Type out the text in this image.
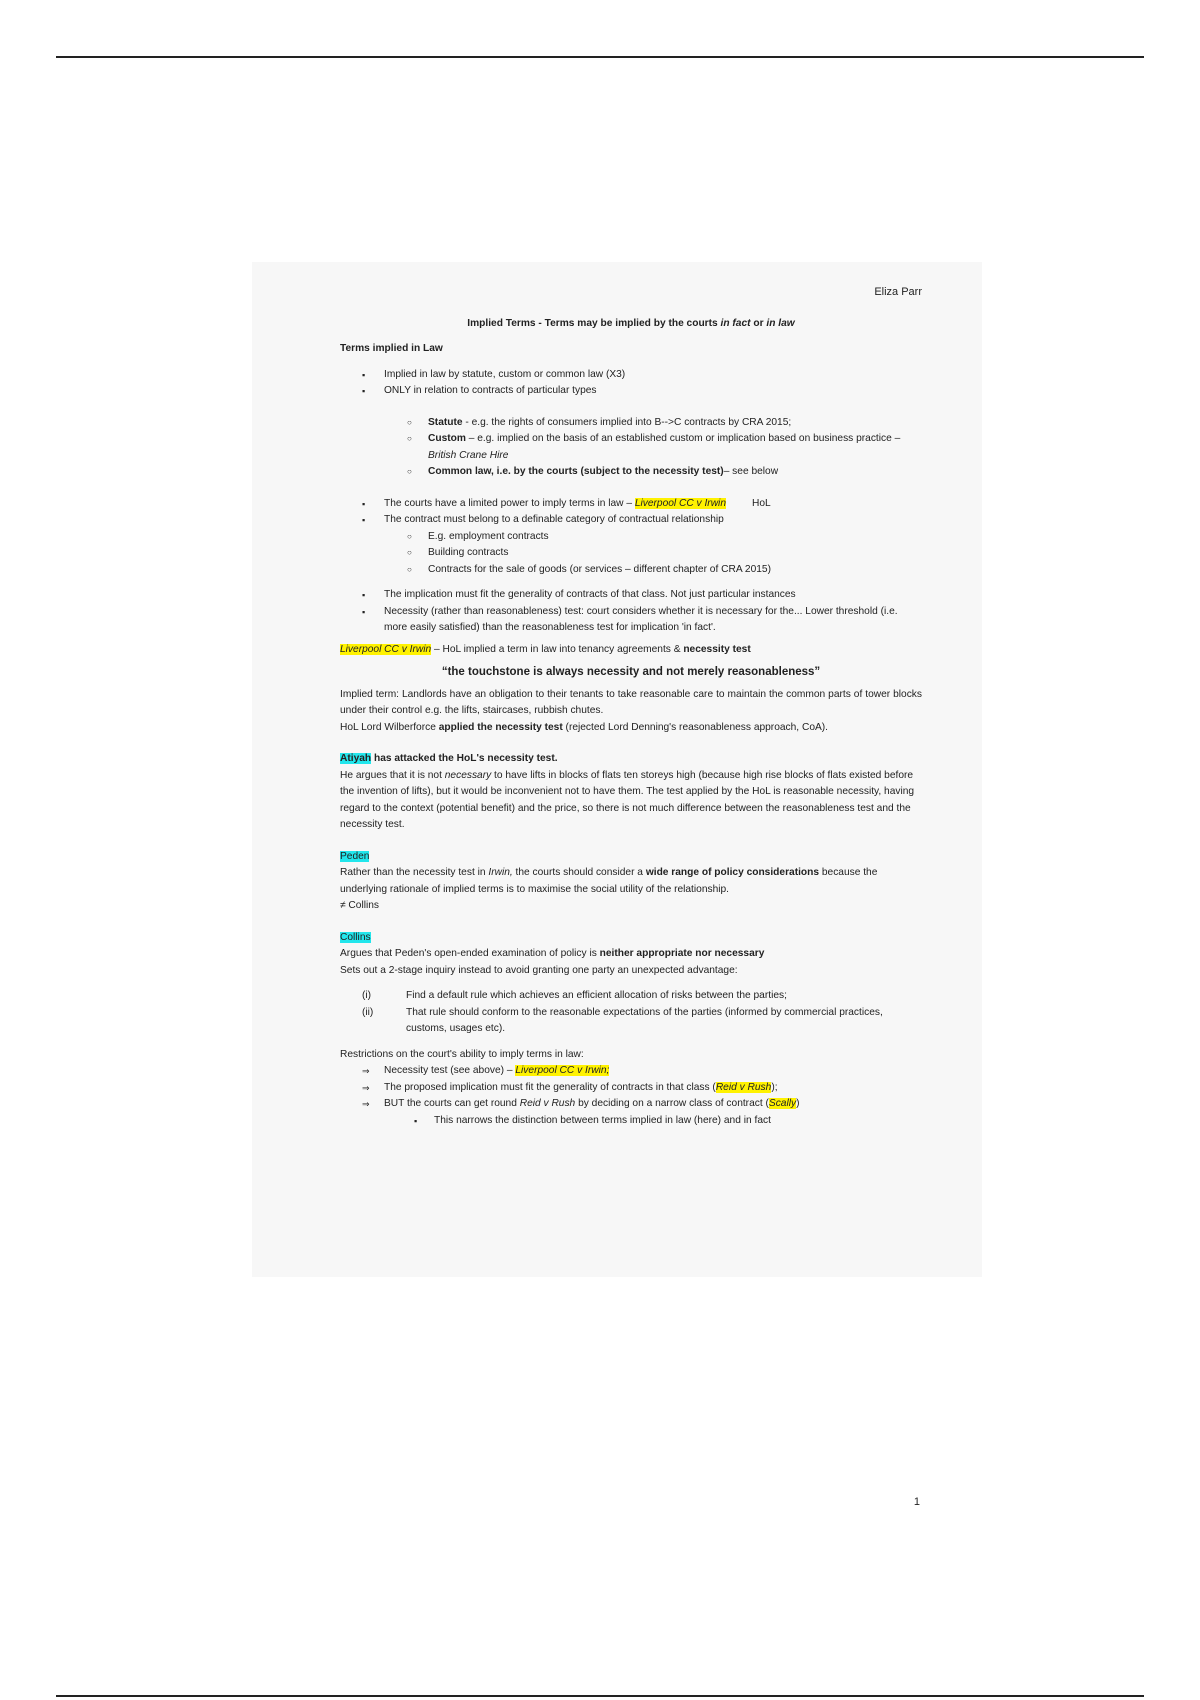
Eliza Parr
Implied Terms - Terms may be implied by the courts in fact or in law
Terms implied in Law
▪ Implied in law by statute, custom or common law (X3)
▪ ONLY in relation to contracts of particular types
○ Statute - e.g. the rights of consumers implied into B-->C contracts by CRA 2015;
○ Custom – e.g. implied on the basis of an established custom or implication based on business practice – British Crane Hire
○ Common law, i.e. by the courts (subject to the necessity test)– see below
▪ The courts have a limited power to imply terms in law – Liverpool CC v Irwin	HoL
▪ The contract must belong to a definable category of contractual relationship
○ E.g. employment contracts
○ Building contracts
○ Contracts for the sale of goods (or services – different chapter of CRA 2015)
▪ The implication must fit the generality of contracts of that class. Not just particular instances
▪ Necessity (rather than reasonableness) test: court considers whether it is necessary for the... Lower threshold (i.e. more easily satisfied) than the reasonableness test for implication 'in fact'.
Liverpool CC v Irwin – HoL implied a term in law into tenancy agreements & necessity test
“the touchstone is always necessity and not merely reasonableness”
Implied term: Landlords have an obligation to their tenants to take reasonable care to maintain the common parts of tower blocks under their control e.g. the lifts, staircases, rubbish chutes.
HoL Lord Wilberforce applied the necessity test (rejected Lord Denning's reasonableness approach, CoA).
Atiyah has attacked the HoL's necessity test.
He argues that it is not necessary to have lifts in blocks of flats ten storeys high (because high rise blocks of flats existed before the invention of lifts), but it would be inconvenient not to have them. The test applied by the HoL is reasonable necessity, having regard to the context (potential benefit) and the price, so there is not much difference between the reasonableness test and the necessity test.
Peden
Rather than the necessity test in Irwin, the courts should consider a wide range of policy considerations because the underlying rationale of implied terms is to maximise the social utility of the relationship.
≠ Collins
Collins
Argues that Peden's open-ended examination of policy is neither appropriate nor necessary
Sets out a 2-stage inquiry instead to avoid granting one party an unexpected advantage:
(i)	Find a default rule which achieves an efficient allocation of risks between the parties;
(ii)	That rule should conform to the reasonable expectations of the parties (informed by commercial practices, customs, usages etc).
Restrictions on the court's ability to imply terms in law:
⇒ Necessity test (see above) – Liverpool CC v Irwin;
⇒ The proposed implication must fit the generality of contracts in that class (Reid v Rush);
⇒ BUT the courts can get round Reid v Rush by deciding on a narrow class of contract (Scally)
▪ This narrows the distinction between terms implied in law (here) and in fact
1
